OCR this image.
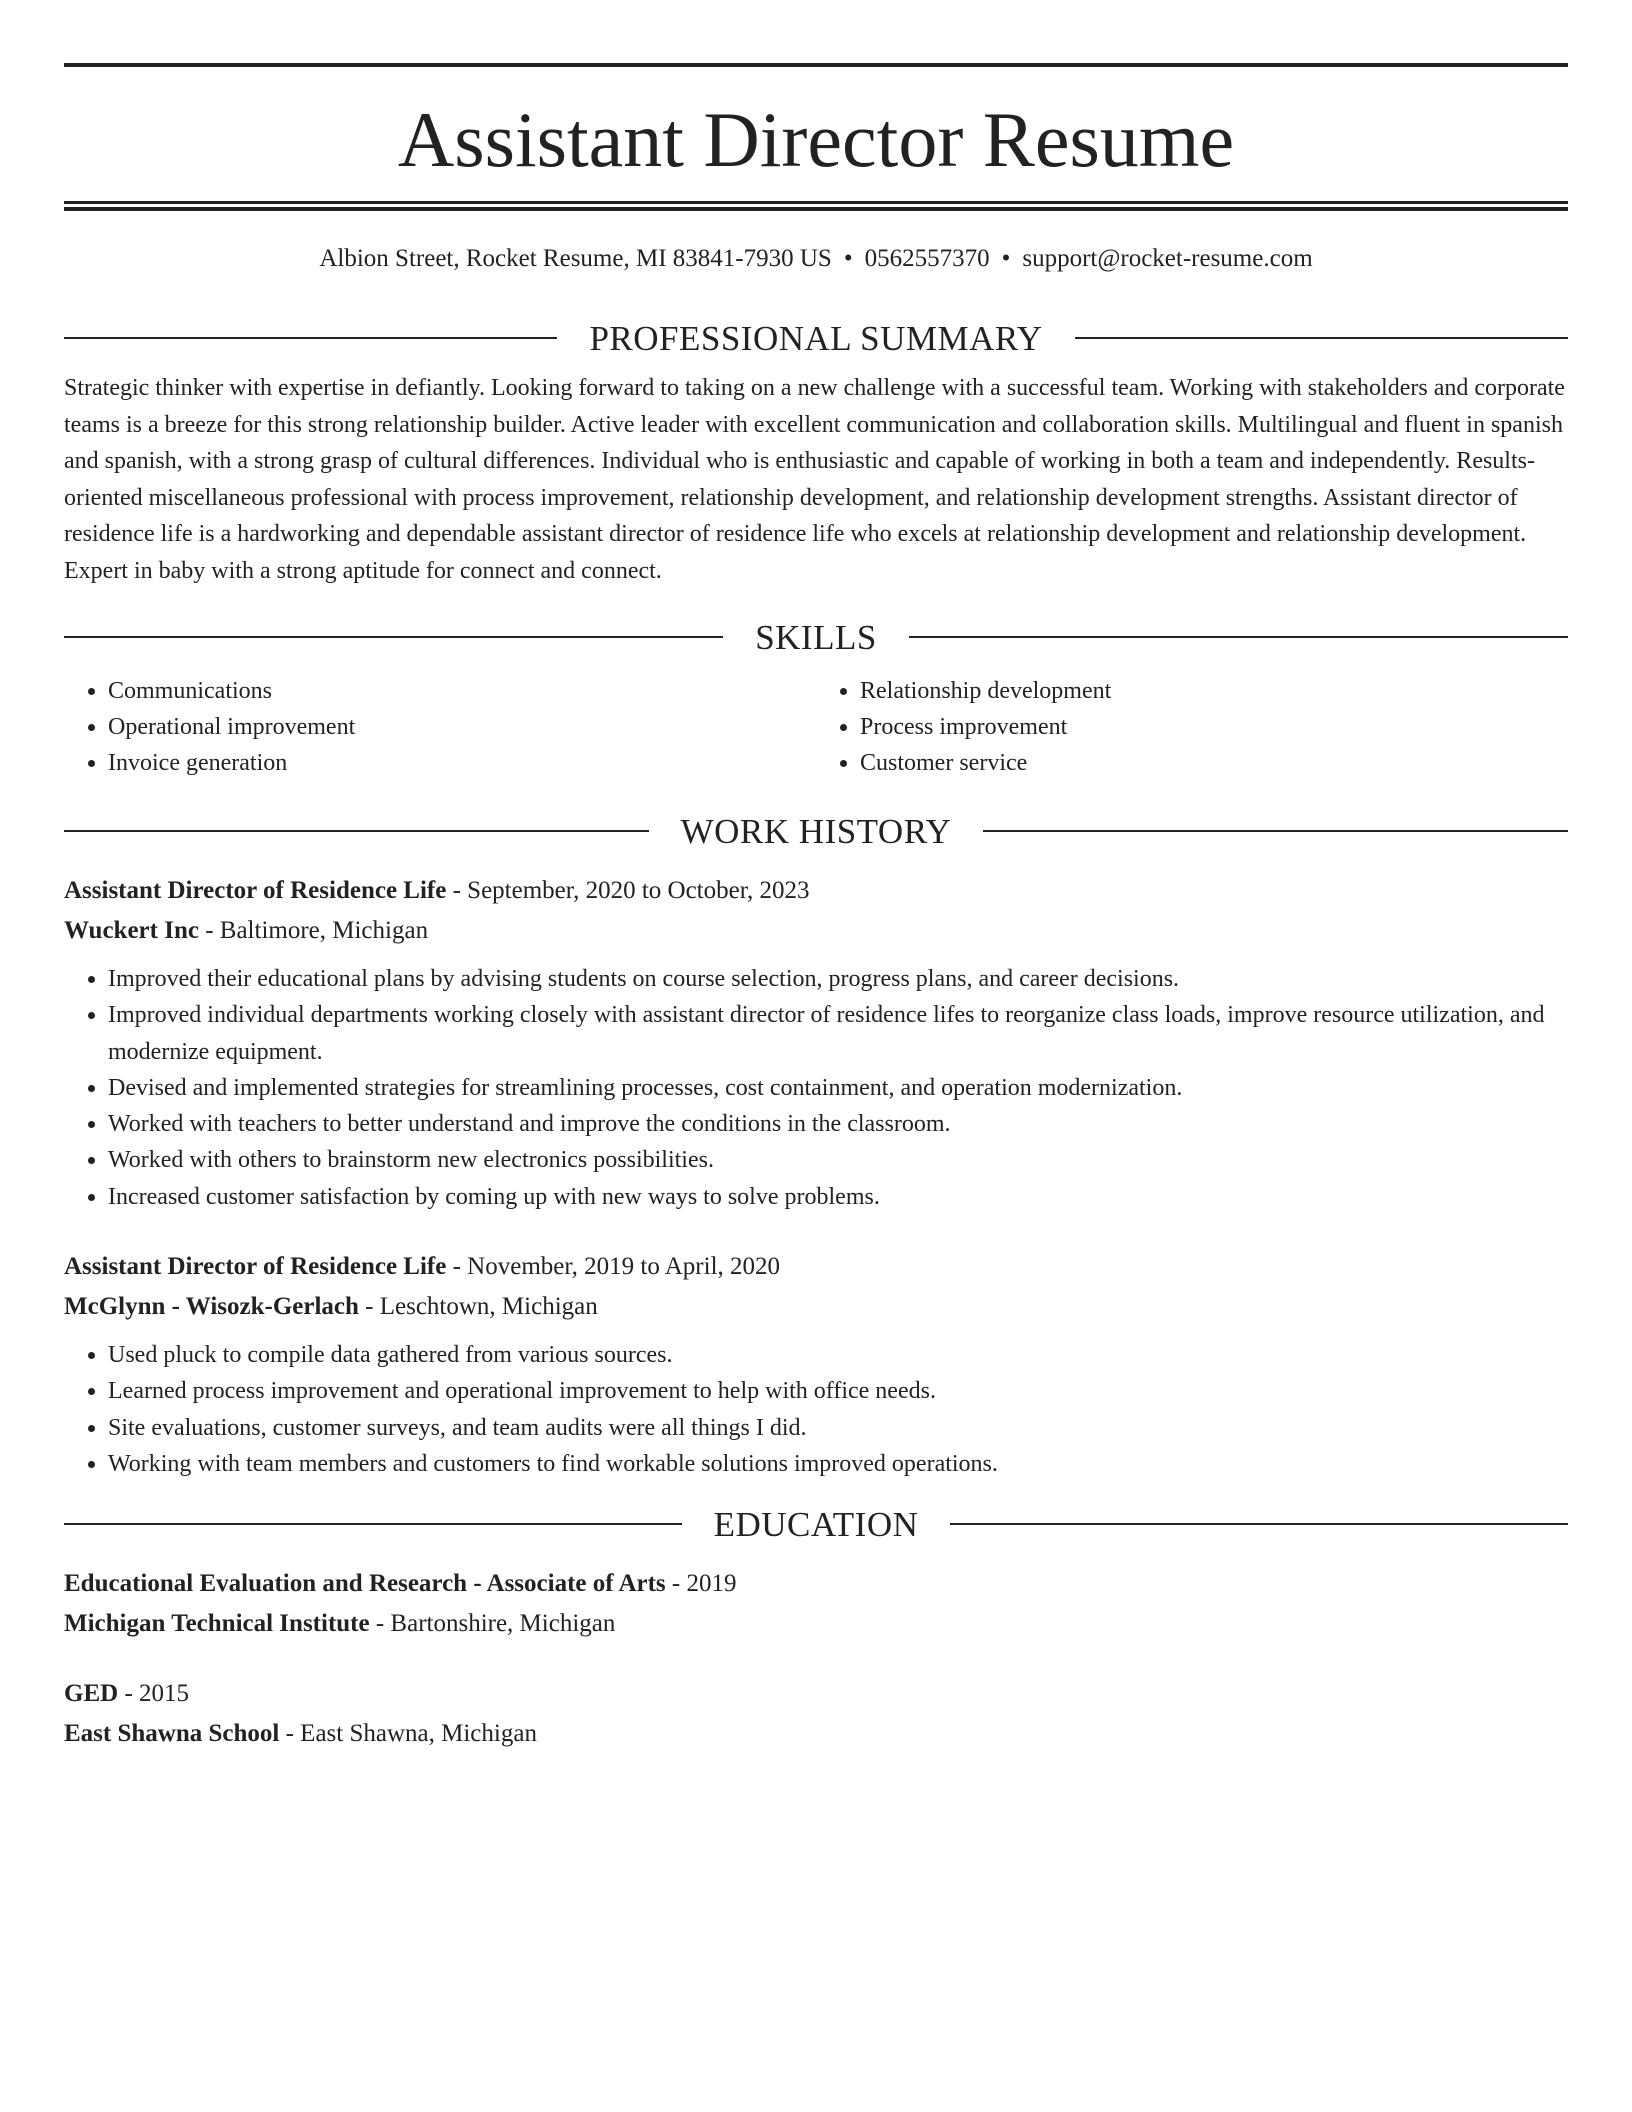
Assistant Director Resume
Albion Street, Rocket Resume, MI 83841-7930 US • 0562557370 • support@rocket-resume.com
PROFESSIONAL SUMMARY
Strategic thinker with expertise in defiantly. Looking forward to taking on a new challenge with a successful team. Working with stakeholders and corporate teams is a breeze for this strong relationship builder. Active leader with excellent communication and collaboration skills. Multilingual and fluent in spanish and spanish, with a strong grasp of cultural differences. Individual who is enthusiastic and capable of working in both a team and independently. Results-oriented miscellaneous professional with process improvement, relationship development, and relationship development strengths. Assistant director of residence life is a hardworking and dependable assistant director of residence life who excels at relationship development and relationship development. Expert in baby with a strong aptitude for connect and connect.
SKILLS
• Communications
• Operational improvement
• Invoice generation
• Relationship development
• Process improvement
• Customer service
WORK HISTORY
Assistant Director of Residence Life - September, 2020 to October, 2023
Wuckert Inc - Baltimore, Michigan
• Improved their educational plans by advising students on course selection, progress plans, and career decisions.
• Improved individual departments working closely with assistant director of residence lifes to reorganize class loads, improve resource utilization, and modernize equipment.
• Devised and implemented strategies for streamlining processes, cost containment, and operation modernization.
• Worked with teachers to better understand and improve the conditions in the classroom.
• Worked with others to brainstorm new electronics possibilities.
• Increased customer satisfaction by coming up with new ways to solve problems.
Assistant Director of Residence Life - November, 2019 to April, 2020
McGlynn - Wisozk-Gerlach - Leschtown, Michigan
• Used pluck to compile data gathered from various sources.
• Learned process improvement and operational improvement to help with office needs.
• Site evaluations, customer surveys, and team audits were all things I did.
• Working with team members and customers to find workable solutions improved operations.
EDUCATION
Educational Evaluation and Research - Associate of Arts - 2019
Michigan Technical Institute - Bartonshire, Michigan
GED - 2015
East Shawna School - East Shawna, Michigan
